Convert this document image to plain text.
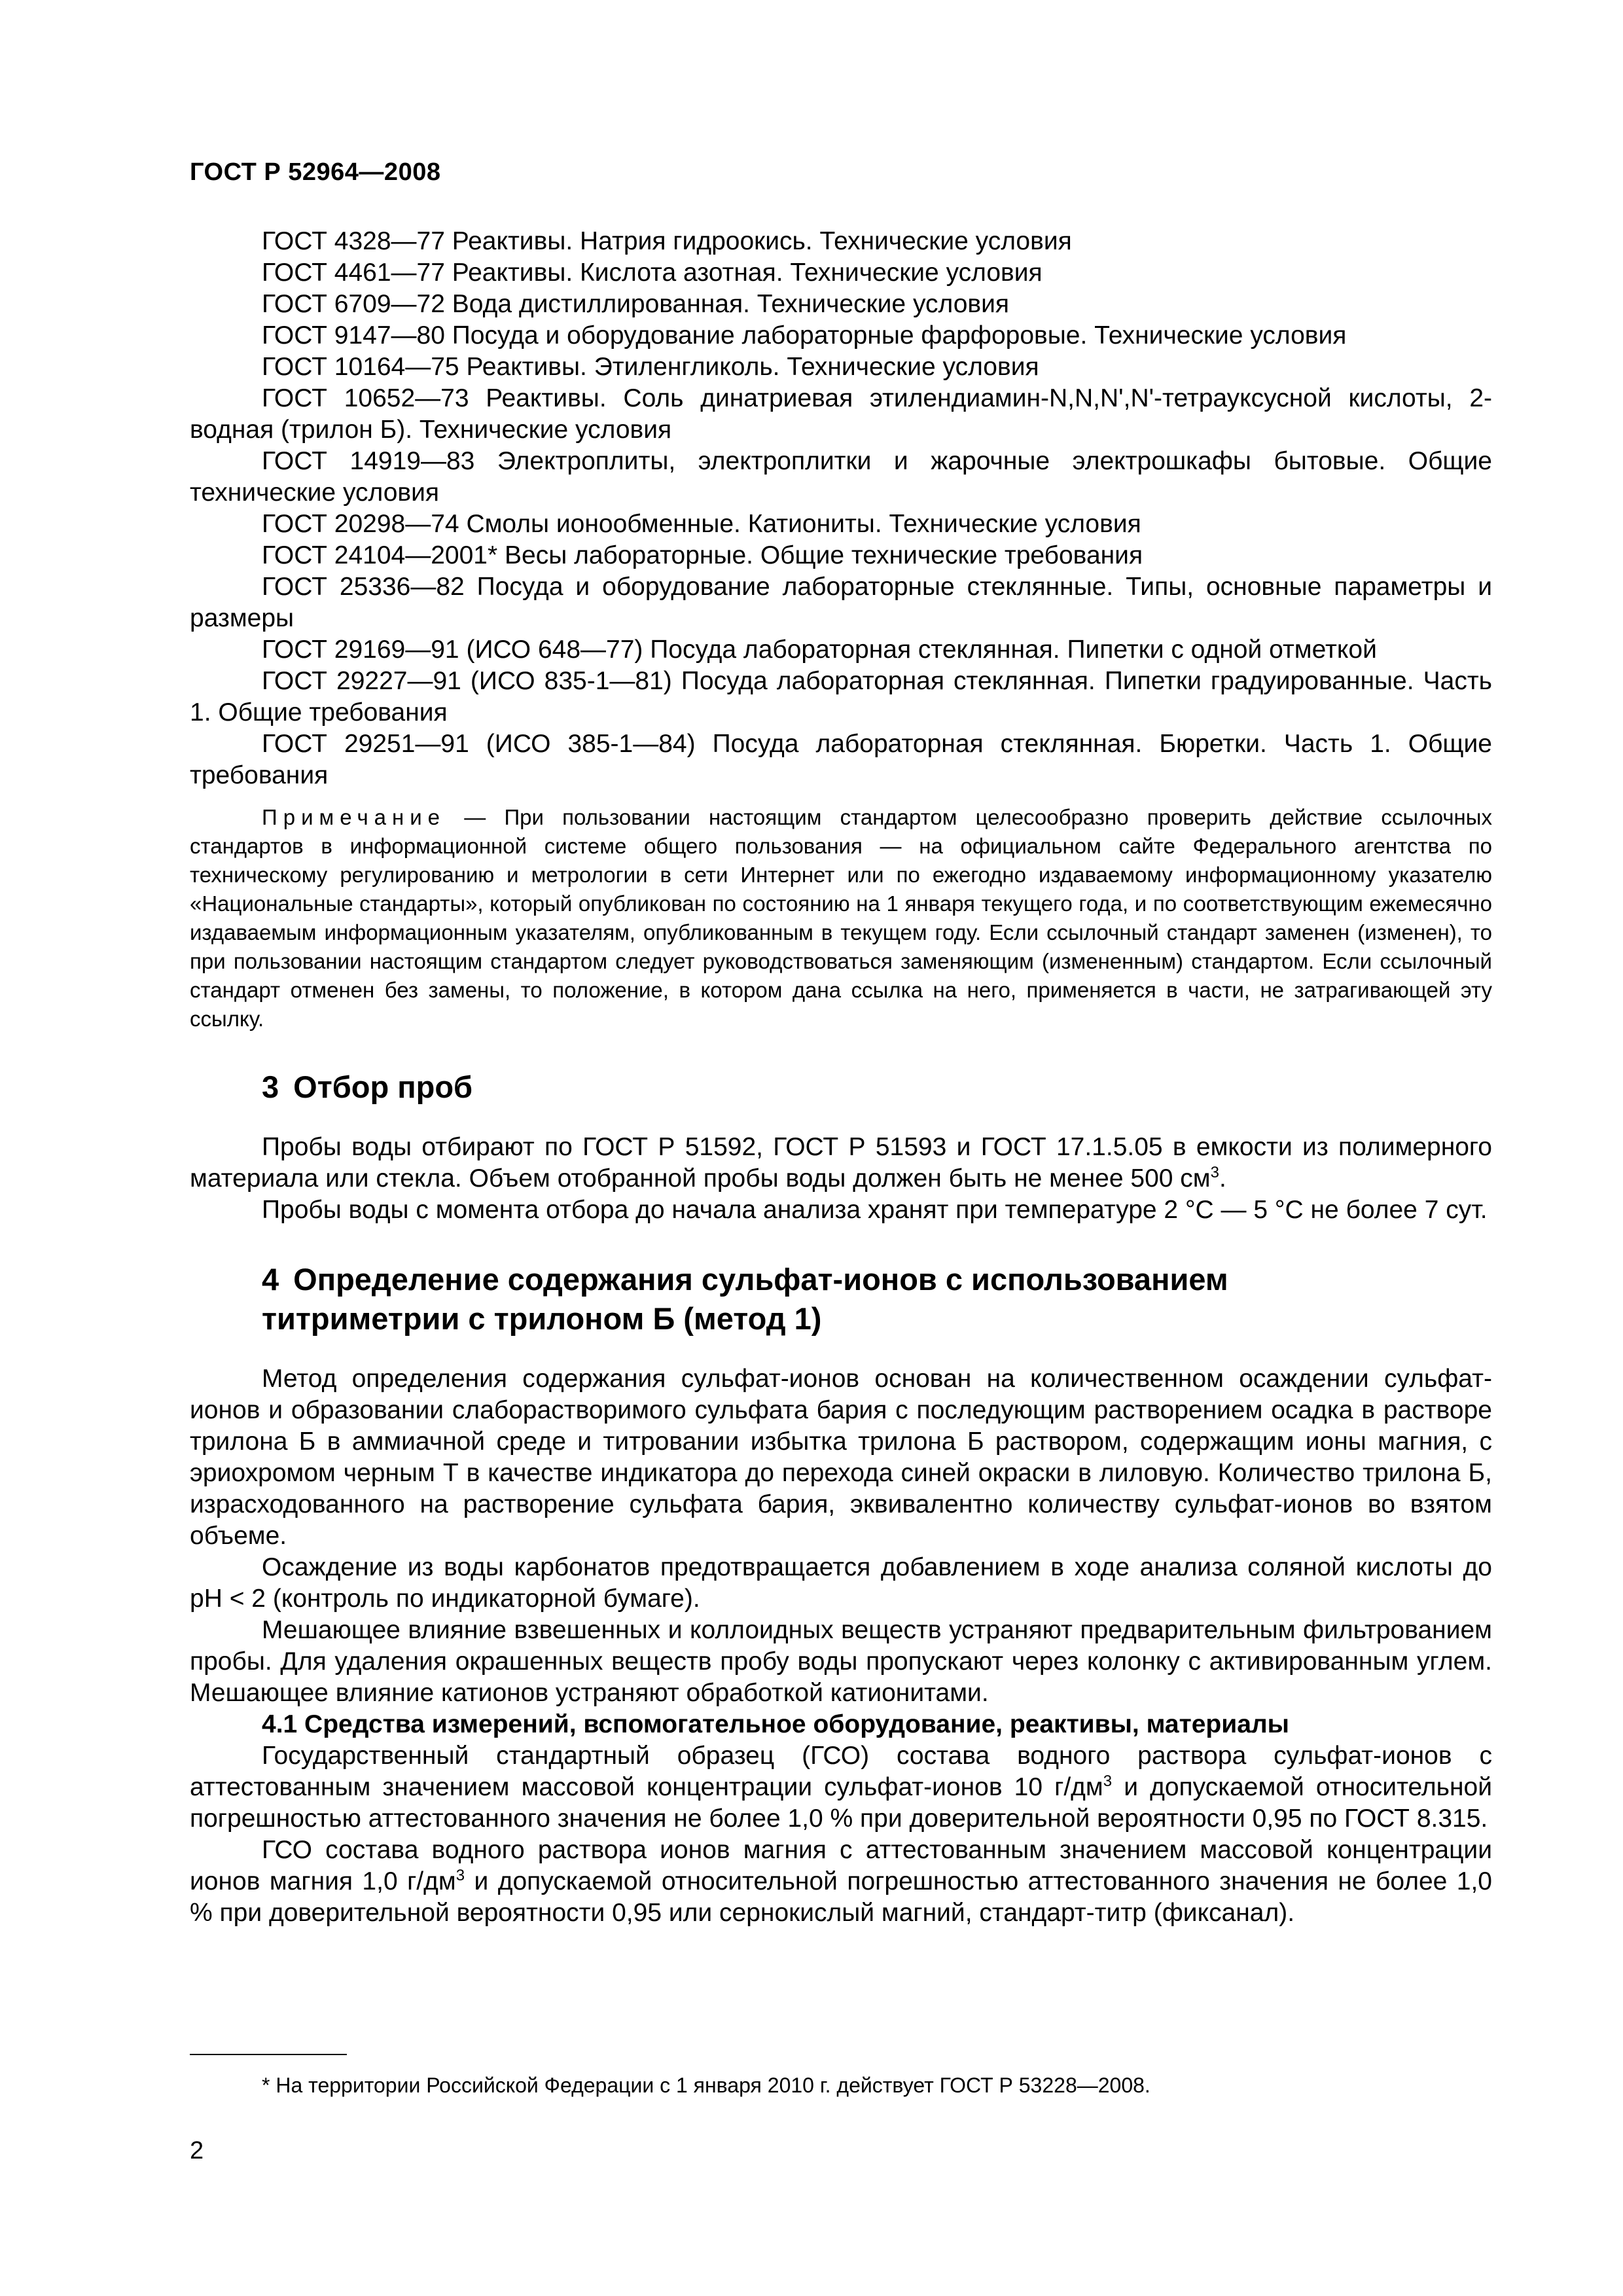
ГОСТ Р 52964—2008

ГОСТ 4328—77 Реактивы. Натрия гидроокись. Технические условия

ГОСТ 4461—77 Реактивы. Кислота азотная. Технические условия

ГОСТ 6709—72 Вода дистиллированная. Технические условия

ГОСТ 9147—80 Посуда и оборудование лабораторные фарфоровые. Технические условия

ГОСТ 10164—75 Реактивы. Этиленгликоль. Технические условия

ГОСТ 10652—73 Реактивы. Соль динатриевая этилендиамин-N,N,N',N'-тетрауксусной кислоты, 2-водная (трилон Б). Технические условия

ГОСТ 14919—83 Электроплиты, электроплитки и жарочные электрошкафы бытовые. Общие технические условия

ГОСТ 20298—74 Смолы ионообменные. Катиониты. Технические условия

ГОСТ 24104—2001* Весы лабораторные. Общие технические требования

ГОСТ 25336—82 Посуда и оборудование лабораторные стеклянные. Типы, основные параметры и размеры

ГОСТ 29169—91 (ИСО 648—77) Посуда лабораторная стеклянная. Пипетки с одной отметкой

ГОСТ 29227—91 (ИСО 835-1—81) Посуда лабораторная стеклянная. Пипетки градуированные. Часть 1. Общие требования

ГОСТ 29251—91 (ИСО 385-1—84) Посуда лабораторная стеклянная. Бюретки. Часть 1. Общие требования

Примечание — При пользовании настоящим стандартом целесообразно проверить действие ссылочных стандартов в информационной системе общего пользования — на официальном сайте Федерального агентства по техническому регулированию и метрологии в сети Интернет или по ежегодно издаваемому информационному указателю «Национальные стандарты», который опубликован по состоянию на 1 января текущего года, и по соответствующим ежемесячно издаваемым информационным указателям, опубликованным в текущем году. Если ссылочный стандарт заменен (изменен), то при пользовании настоящим стандартом следует руководствоваться заменяющим (измененным) стандартом. Если ссылочный стандарт отменен без замены, то положение, в котором дана ссылка на него, применяется в части, не затрагивающей эту ссылку.

3 Отбор проб

Пробы воды отбирают по ГОСТ Р 51592, ГОСТ Р 51593 и ГОСТ 17.1.5.05 в емкости из полимерного материала или стекла. Объем отобранной пробы воды должен быть не менее 500 $см^3$.

Пробы воды с момента отбора до начала анализа хранят при температуре 2 °С — 5 °С не более 7 сут.

4 Определение содержания сульфат-ионов с использованием
титриметрии с трилоном Б (метод 1)

Метод определения содержания сульфат-ионов основан на количественном осаждении сульфат-ионов и образовании слаборастворимого сульфата бария с последующим растворением осадка в растворе трилона Б в аммиачной среде и титровании избытка трилона Б раствором, содержащим ионы магния, с эриохромом черным Т в качестве индикатора до перехода синей окраски в лиловую. Количество трилона Б, израсходованного на растворение сульфата бария, эквивалентно количеству сульфат-ионов во взятом объеме.

Осаждение из воды карбонатов предотвращается добавлением в ходе анализа соляной кислоты до pH < 2 (контроль по индикаторной бумаге).

Мешающее влияние взвешенных и коллоидных веществ устраняют предварительным фильтрованием пробы. Для удаления окрашенных веществ пробу воды пропускают через колонку с активированным углем. Мешающее влияние катионов устраняют обработкой катионитами.

4.1 Средства измерений, вспомогательное оборудование, реактивы, материалы

Государственный стандартный образец (ГСО) состава водного раствора сульфат-ионов с аттестованным значением массовой концентрации сульфат-ионов 10 $г/дм^3$ и допускаемой относительной погрешностью аттестованного значения не более 1,0 % при доверительной вероятности 0,95 по ГОСТ 8.315.

ГСО состава водного раствора ионов магния с аттестованным значением массовой концентрации ионов магния 1,0 $г/дм^3$ и допускаемой относительной погрешностью аттестованного значения не более 1,0 % при доверительной вероятности 0,95 или сернокислый магний, стандарт-титр (фиксанал).

* На территории Российской Федерации с 1 января 2010 г. действует ГОСТ Р 53228—2008.
2
